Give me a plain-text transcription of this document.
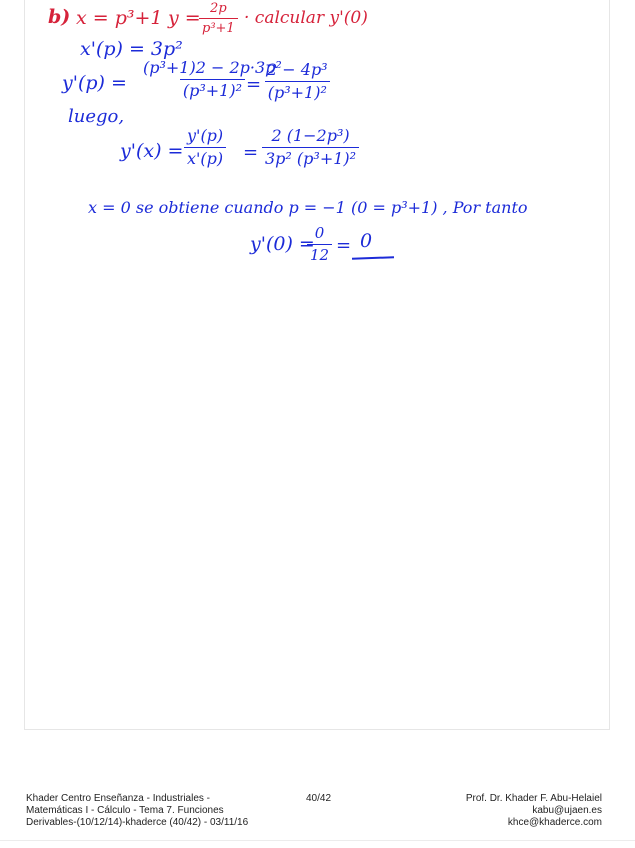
b) x = p³+1 y =
$\frac{2p}{\text{p³+1}}$ · calcular y'(0)
x'(p) = 3p²
$y'(p) = \frac{\text{(p³+1)2 − 2p·3p²}}{\text{(p³+1)²}}$
= $\frac{\text{2 − 4p³}}{\text{(p³+1)²}}$
luego,
$y'(x) = \frac{y'(p)}{x'(p)} = \frac{\text{2 (1−2p³)}}{\text{3p² (p³+1)²}}$
x = 0 se obtiene cuando p = −1 (0 = p³+1) , Por tanto
y'(0) =
$\frac{0}{12} = 0$
Khader Centro Enseñanza - Industriales -
Matemáticas I - Cálculo - Tema 7. Funciones
Derivables-(10/12/14)-khaderce (40/42) - 03/11/16
40/42	Prof. Dr. Khader F. Abu-Helaiel
kabu@ujaen.es
khce@khaderce.com
